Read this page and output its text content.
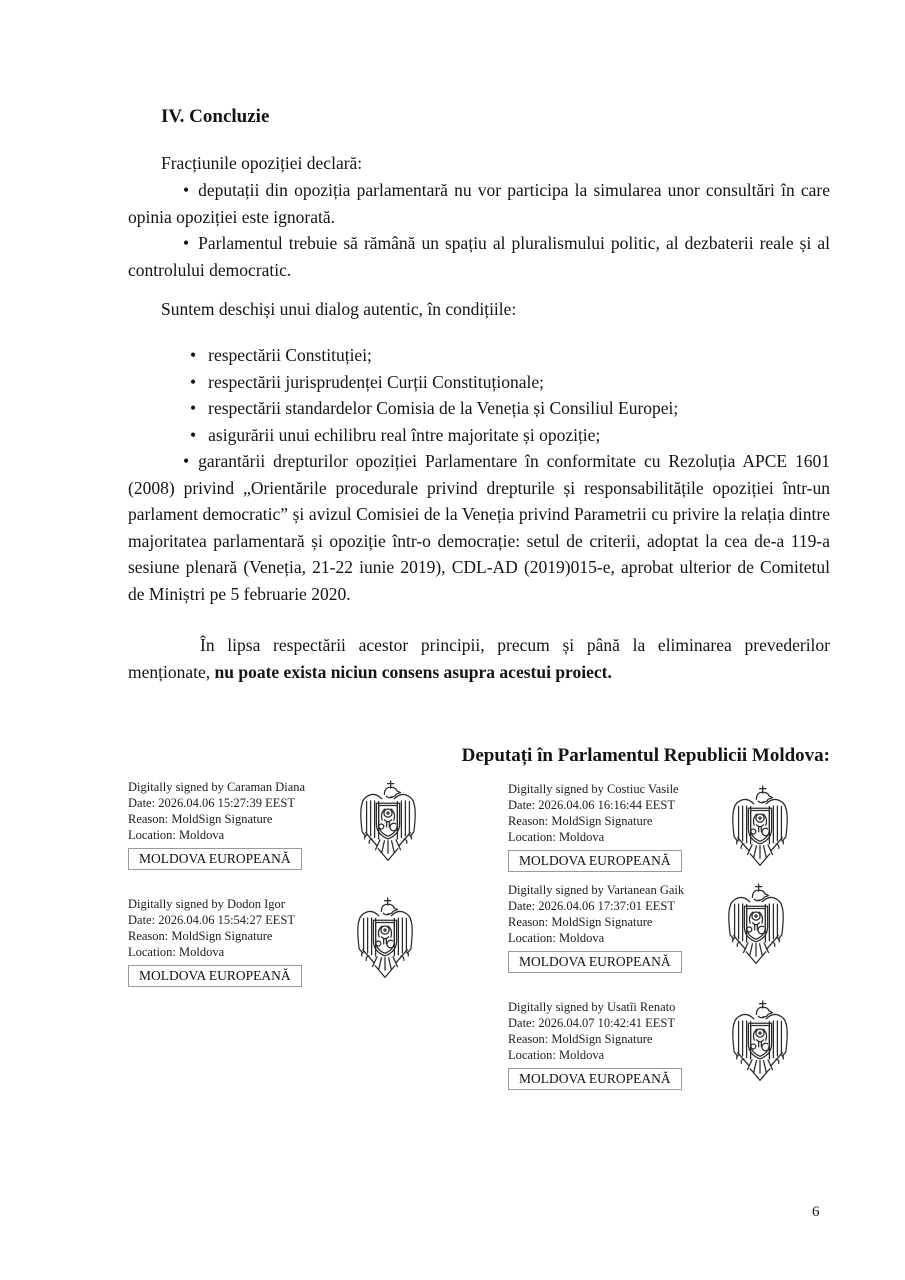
IV. Concluzie
Fracțiunile opoziției declară:
• deputații din opoziția parlamentară nu vor participa la simularea unor consultări în care opinia opoziției este ignorată.
• Parlamentul trebuie să rămână un spațiu al pluralismului politic, al dezbaterii reale și al controlului democratic.
Suntem deschiși unui dialog autentic, în condițiile:
• respectării Constituției;
• respectării jurisprudenței Curții Constituționale;
• respectării standardelor Comisia de la Veneția și Consiliul Europei;
• asigurării unui echilibru real între majoritate și opoziție;
• garantării drepturilor opoziției Parlamentare în conformitate cu Rezoluția APCE 1601 (2008) privind „Orientările procedurale privind drepturile și responsabilitățile opoziției într-un parlament democratic” și avizul Comisiei de la Veneția privind Parametrii cu privire la relația dintre majoritatea parlamentară și opoziție într-o democrație: setul de criterii, adoptat la cea de-a 119-a sesiune plenară (Veneția, 21-22 iunie 2019), CDL-AD (2019)015-e, aprobat ulterior de Comitetul de Miniștri pe 5 februarie 2020.
În lipsa respectării acestor principii, precum și până la eliminarea prevederilor menționate, nu poate exista niciun consens asupra acestui proiect.
Deputați în Parlamentul Republicii Moldova:
Digitally signed by Caraman Diana
Date: 2026.04.06 15:27:39 EEST
Reason: MoldSign Signature
Location: Moldova
MOLDOVA EUROPEANĂ
Digitally signed by Costiuc Vasile
Date: 2026.04.06 16:16:44 EEST
Reason: MoldSign Signature
Location: Moldova
MOLDOVA EUROPEANĂ
Digitally signed by Dodon Igor
Date: 2026.04.06 15:54:27 EEST
Reason: MoldSign Signature
Location: Moldova
MOLDOVA EUROPEANĂ
Digitally signed by Vartanean Gaik
Date: 2026.04.06 17:37:01 EEST
Reason: MoldSign Signature
Location: Moldova
MOLDOVA EUROPEANĂ
Digitally signed by Usatîi Renato
Date: 2026.04.07 10:42:41 EEST
Reason: MoldSign Signature
Location: Moldova
MOLDOVA EUROPEANĂ
6
